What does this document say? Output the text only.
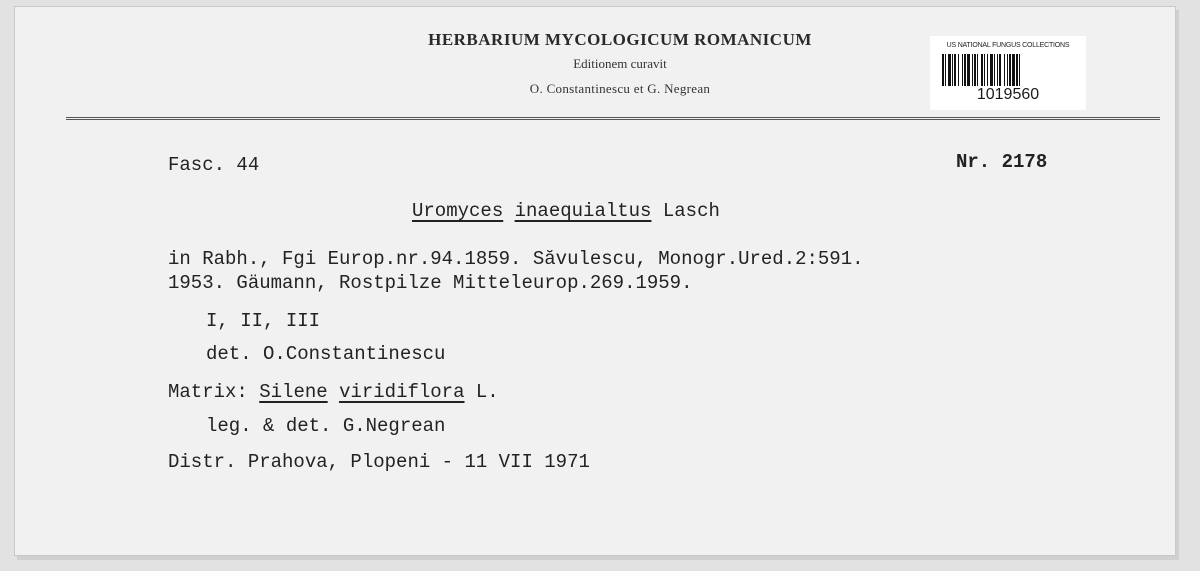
HERBARIUM MYCOLOGICUM ROMANICUM
Editionem curavit
O. Constantinescu et G. Negrean
US NATIONAL FUNGUS COLLECTIONS
1019560
Fasc. 44	Nr. 2178
Uromyces inaequialtus Lasch
in Rabh., Fgi Europ.nr.94.1859. Săvulescu, Monogr.Ured.2:591.
1953. Gäumann, Rostpilze Mitteleurop.269.1959.
I, II, III
det. O.Constantinescu
Matrix: Silene viridiflora L.
leg. & det. G.Negrean
Distr. Prahova, Plopeni - 11 VII 1971
